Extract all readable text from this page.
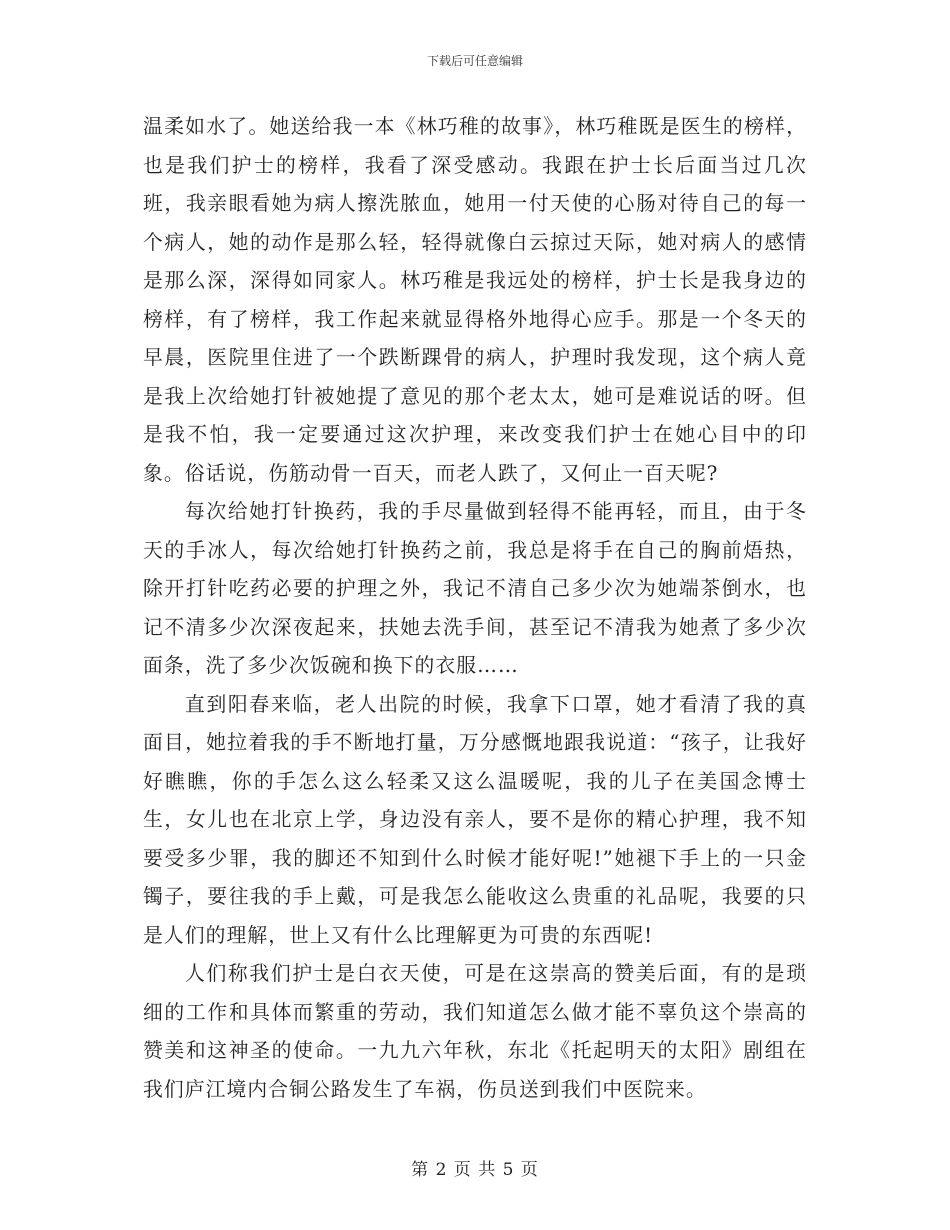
下载后可任意编辑

温柔如水了。她送给我一本《林巧稚的故事》，林巧稚既是医生的榜样，也是我们护士的榜样，我看了深受感动。我跟在护士长后面当过几次班，我亲眼看她为病人擦洗脓血，她用一付天使的心肠对待自己的每一个病人，她的动作是那么轻，轻得就像白云掠过天际，她对病人的感情是那么深，深得如同家人。林巧稚是我远处的榜样，护士长是我身边的榜样，有了榜样，我工作起来就显得格外地得心应手。那是一个冬天的早晨，医院里住进了一个跌断踝骨的病人，护理时我发现，这个病人竟是我上次给她打针被她提了意见的那个老太太，她可是难说话的呀。但是我不怕，我一定要通过这次护理，来改变我们护士在她心目中的印象。俗话说，伤筋动骨一百天，而老人跌了，又何止一百天呢?

每次给她打针换药，我的手尽量做到轻得不能再轻，而且，由于冬天的手冰人，每次给她打针换药之前，我总是将手在自己的胸前焐热，除开打针吃药必要的护理之外，我记不清自己多少次为她端茶倒水，也记不清多少次深夜起来，扶她去洗手间，甚至记不清我为她煮了多少次面条，洗了多少次饭碗和换下的衣服……

直到阳春来临，老人出院的时候，我拿下口罩，她才看清了我的真面目，她拉着我的手不断地打量，万分感慨地跟我说道：“孩子，让我好好瞧瞧，你的手怎么这么轻柔又这么温暖呢，我的儿子在美国念博士生，女儿也在北京上学，身边没有亲人，要不是你的精心护理，我不知要受多少罪，我的脚还不知到什么时候才能好呢!”她褪下手上的一只金镯子，要往我的手上戴，可是我怎么能收这么贵重的礼品呢，我要的只是人们的理解，世上又有什么比理解更为可贵的东西呢!

人们称我们护士是白衣天使，可是在这崇高的赞美后面，有的是琐细的工作和具体而繁重的劳动，我们知道怎么做才能不辜负这个崇高的赞美和这神圣的使命。一九九六年秋，东北《托起明天的太阳》剧组在我们庐江境内合铜公路发生了车祸，伤员送到我们中医院来。

第 2 页 共 5 页
